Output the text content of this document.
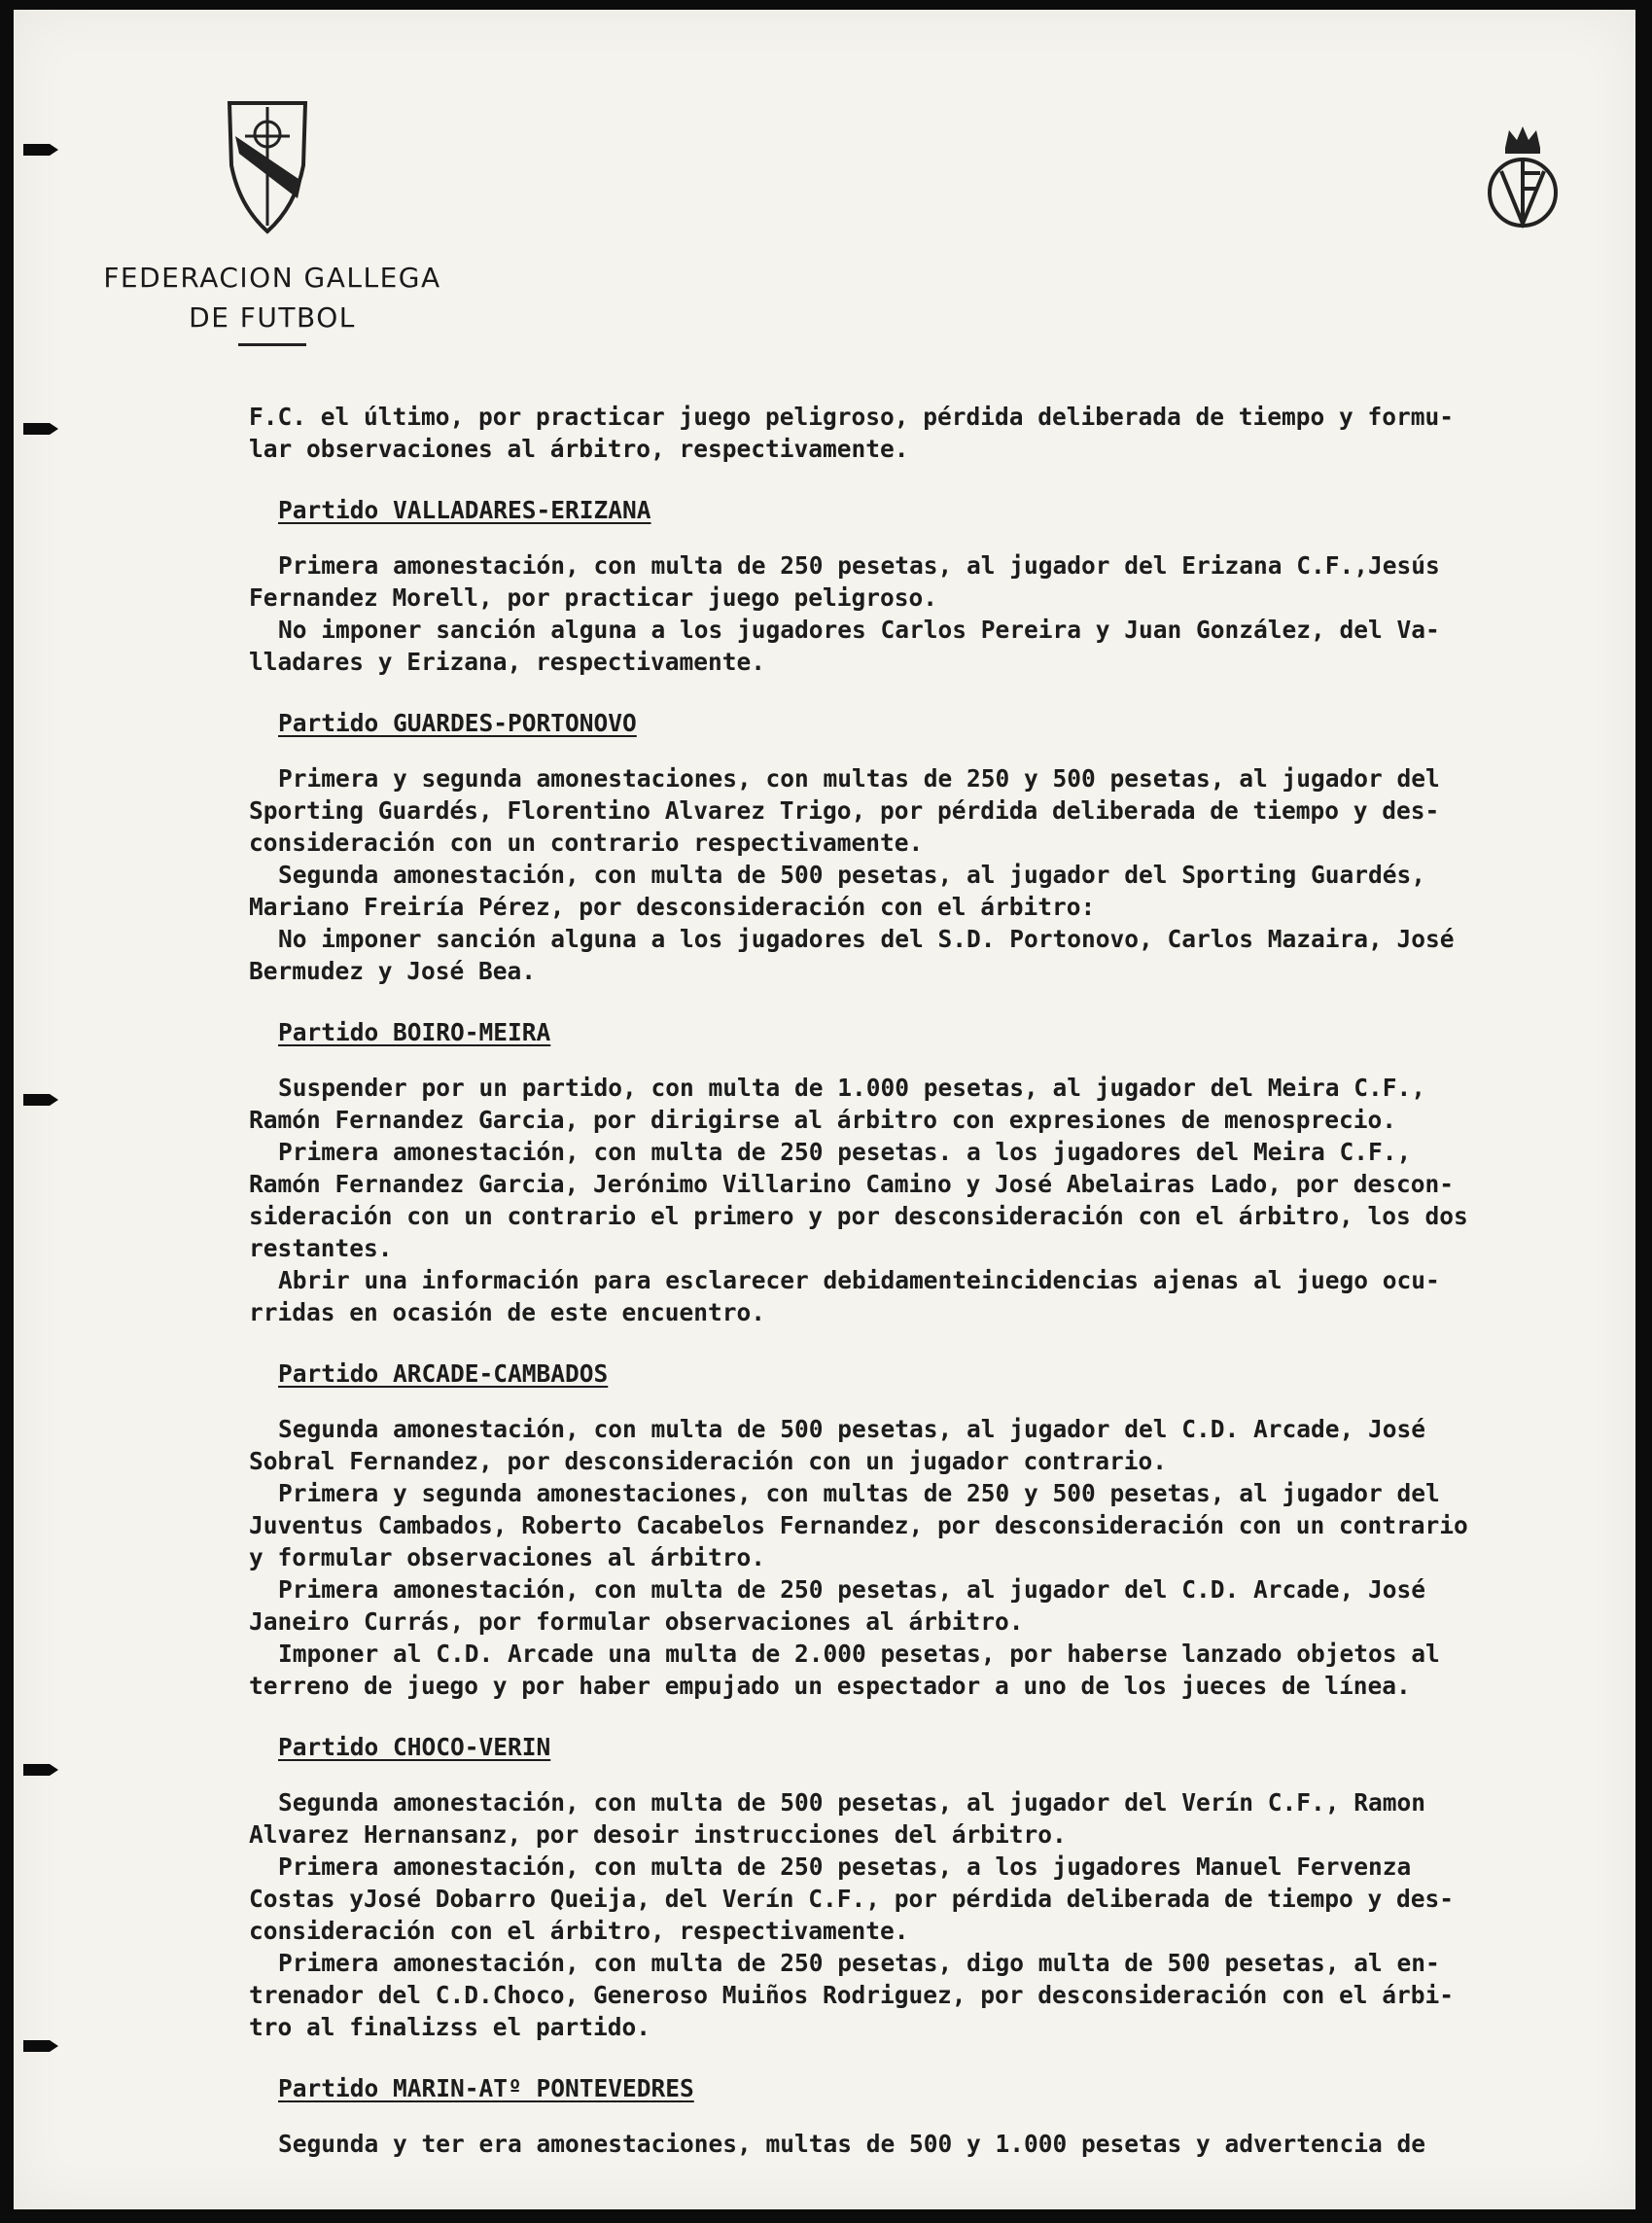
FEDERACION GALLEGA
DE FUTBOL

F.C. el último, por practicar juego peligroso, pérdida deliberada de tiempo y formu-
lar observaciones al árbitro, respectivamente.

Partido VALLADARES-ERIZANA

Primera amonestación, con multa de 250 pesetas, al jugador del Erizana C.F.,Jesús
Fernandez Morell, por practicar juego peligroso.

No imponer sanción alguna a los jugadores Carlos Pereira y Juan González, del Va-
lladares y Erizana, respectivamente.

Partido GUARDES-PORTONOVO

Primera y segunda amonestaciones, con multas de 250 y 500 pesetas, al jugador del
Sporting Guardés, Florentino Alvarez Trigo, por pérdida deliberada de tiempo y des-
consideración con un contrario respectivamente.

Segunda amonestación, con multa de 500 pesetas, al jugador del Sporting Guardés,
Mariano Freiría Pérez, por desconsideración con el árbitro:

No imponer sanción alguna a los jugadores del S.D. Portonovo, Carlos Mazaira, José
Bermudez y José Bea.

Partido BOIRO-MEIRA

Suspender por un partido, con multa de 1.000 pesetas, al jugador del Meira C.F.,
Ramón Fernandez Garcia, por dirigirse al árbitro con expresiones de menosprecio.

Primera amonestación, con multa de 250 pesetas. a los jugadores del Meira C.F.,
Ramón Fernandez Garcia, Jerónimo Villarino Camino y José Abelairas Lado, por descon-
sideración con un contrario el primero y por desconsideración con el árbitro, los dos
restantes.

Abrir una información para esclarecer debidamenteincidencias ajenas al juego ocu-
rridas en ocasión de este encuentro.

Partido ARCADE-CAMBADOS

Segunda amonestación, con multa de 500 pesetas, al jugador del C.D. Arcade, José
Sobral Fernandez, por desconsideración con un jugador contrario.

Primera y segunda amonestaciones, con multas de 250 y 500 pesetas, al jugador del
Juventus Cambados, Roberto Cacabelos Fernandez, por desconsideración con un contrario
y formular observaciones al árbitro.

Primera amonestación, con multa de 250 pesetas, al jugador del C.D. Arcade, José
Janeiro Currás, por formular observaciones al árbitro.

Imponer al C.D. Arcade una multa de 2.000 pesetas, por haberse lanzado objetos al
terreno de juego y por haber empujado un espectador a uno de los jueces de línea.

Partido CHOCO-VERIN

Segunda amonestación, con multa de 500 pesetas, al jugador del Verín C.F., Ramon
Alvarez Hernansanz, por desoir instrucciones del árbitro.

Primera amonestación, con multa de 250 pesetas, a los jugadores Manuel Fervenza
Costas yJosé Dobarro Queija, del Verín C.F., por pérdida deliberada de tiempo y des-
consideración con el árbitro, respectivamente.

Primera amonestación, con multa de 250 pesetas, digo multa de 500 pesetas, al en-
trenador del C.D.Choco, Generoso Muiños Rodriguez, por desconsideración con el árbi-
tro al finalizss el partido.

Partido MARIN-ATº PONTEVEDRES

Segunda y ter era amonestaciones, multas de 500 y 1.000 pesetas y advertencia de
